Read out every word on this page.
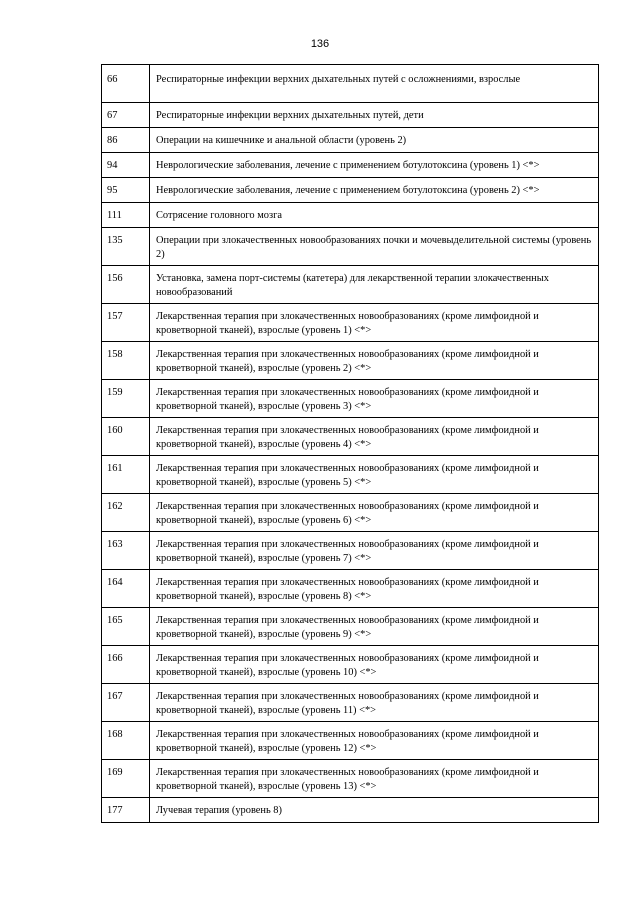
136
66	Респираторные инфекции верхних дыхательных путей с осложнениями, взрослые
67	Респираторные инфекции верхних дыхательных путей, дети
86	Операции на кишечнике и анальной области (уровень 2)
94	Неврологические заболевания, лечение с применением ботулотоксина (уровень 1) <*>
95	Неврологические заболевания, лечение с применением ботулотоксина (уровень 2) <*>
111	Сотрясение головного мозга
135	Операции при злокачественных новообразованиях почки и мочевыделительной системы (уровень 2)
156	Установка, замена порт-системы (катетера) для лекарственной терапии злокачественных новообразований
157	Лекарственная терапия при злокачественных новообразованиях (кроме лимфоидной и кроветворной тканей), взрослые (уровень 1) <*>
158	Лекарственная терапия при злокачественных новообразованиях (кроме лимфоидной и кроветворной тканей), взрослые (уровень 2) <*>
159	Лекарственная терапия при злокачественных новообразованиях (кроме лимфоидной и кроветворной тканей), взрослые (уровень 3) <*>
160	Лекарственная терапия при злокачественных новообразованиях (кроме лимфоидной и кроветворной тканей), взрослые (уровень 4) <*>
161	Лекарственная терапия при злокачественных новообразованиях (кроме лимфоидной и кроветворной тканей), взрослые (уровень 5) <*>
162	Лекарственная терапия при злокачественных новообразованиях (кроме лимфоидной и кроветворной тканей), взрослые (уровень 6) <*>
163	Лекарственная терапия при злокачественных новообразованиях (кроме лимфоидной и кроветворной тканей), взрослые (уровень 7) <*>
164	Лекарственная терапия при злокачественных новообразованиях (кроме лимфоидной и кроветворной тканей), взрослые (уровень 8) <*>
165	Лекарственная терапия при злокачественных новообразованиях (кроме лимфоидной и кроветворной тканей), взрослые (уровень 9) <*>
166	Лекарственная терапия при злокачественных новообразованиях (кроме лимфоидной и кроветворной тканей), взрослые (уровень 10) <*>
167	Лекарственная терапия при злокачественных новообразованиях (кроме лимфоидной и кроветворной тканей), взрослые (уровень 11) <*>
168	Лекарственная терапия при злокачественных новообразованиях (кроме лимфоидной и кроветворной тканей), взрослые (уровень 12) <*>
169	Лекарственная терапия при злокачественных новообразованиях (кроме лимфоидной и кроветворной тканей), взрослые (уровень 13) <*>
177	Лучевая терапия (уровень 8)
